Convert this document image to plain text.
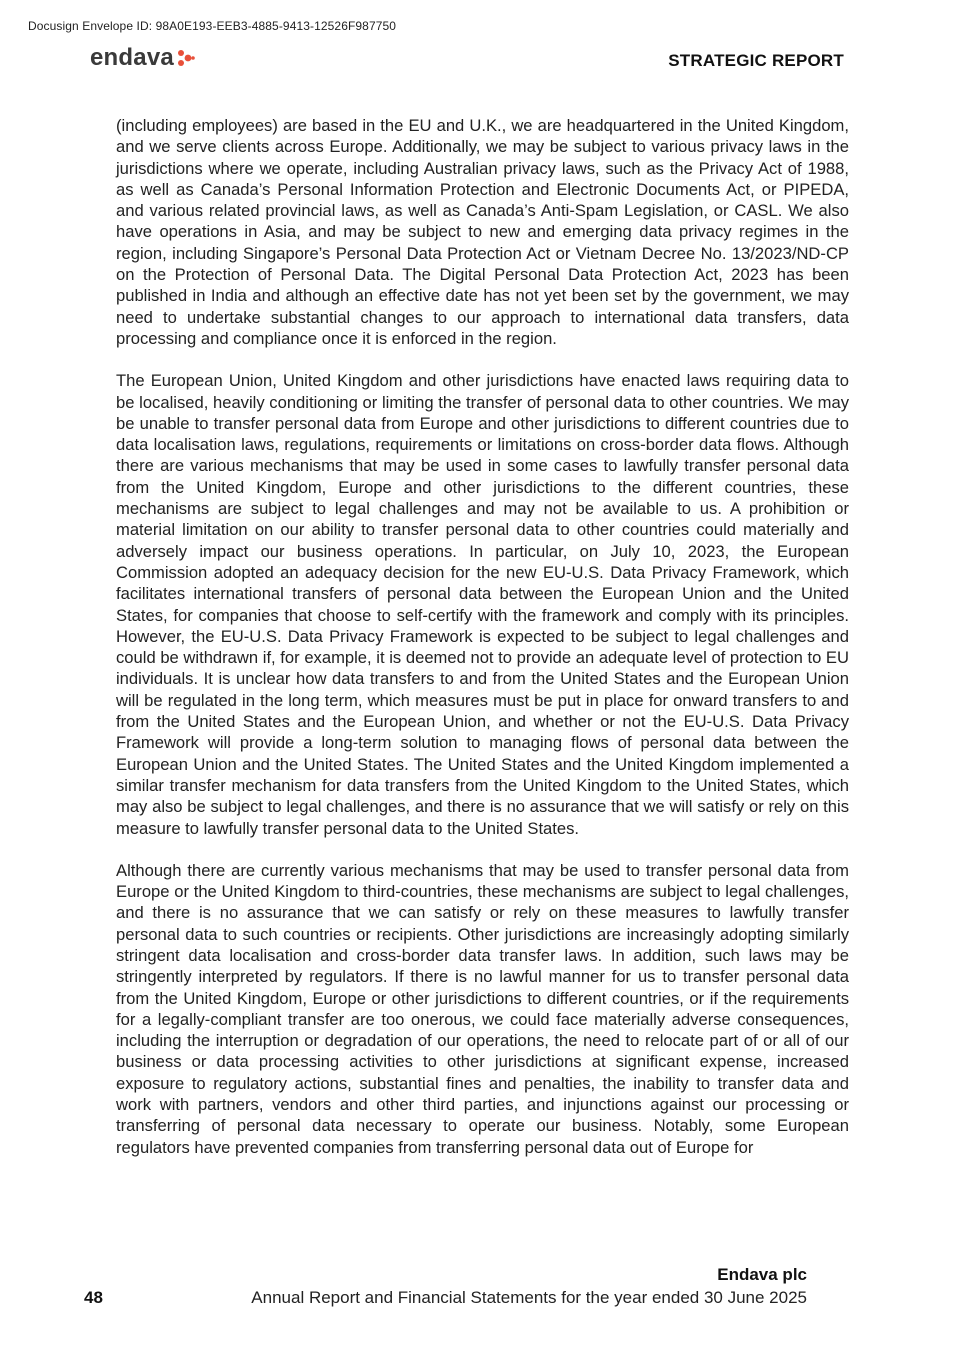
Docusign Envelope ID: 98A0E193-EEB3-4885-9413-12526F987750
endava	STRATEGIC REPORT

(including employees) are based in the EU and U.K., we are headquartered in the United Kingdom, and we serve clients across Europe. Additionally, we may be subject to various privacy laws in the jurisdictions where we operate, including Australian privacy laws, such as the Privacy Act of 1988, as well as Canada’s Personal Information Protection and Electronic Documents Act, or PIPEDA, and various related provincial laws, as well as Canada’s Anti-Spam Legislation, or CASL. We also have operations in Asia, and may be subject to new and emerging data privacy regimes in the region, including Singapore’s Personal Data Protection Act or Vietnam Decree No. 13/2023/ND-CP on the Protection of Personal Data. The Digital Personal Data Protection Act, 2023 has been published in India and although an effective date has not yet been set by the government, we may need to undertake substantial changes to our approach to international data transfers, data processing and compliance once it is enforced in the region.

The European Union, United Kingdom and other jurisdictions have enacted laws requiring data to be localised, heavily conditioning or limiting the transfer of personal data to other countries. We may be unable to transfer personal data from Europe and other jurisdictions to different countries due to data localisation laws, regulations, requirements or limitations on cross-border data flows. Although there are various mechanisms that may be used in some cases to lawfully transfer personal data from the United Kingdom, Europe and other jurisdictions to the different countries, these mechanisms are subject to legal challenges and may not be available to us. A prohibition or material limitation on our ability to transfer personal data to other countries could materially and adversely impact our business operations. In particular, on July 10, 2023, the European Commission adopted an adequacy decision for the new EU-U.S. Data Privacy Framework, which facilitates international transfers of personal data between the European Union and the United States, for companies that choose to self-certify with the framework and comply with its principles. However, the EU-U.S. Data Privacy Framework is expected to be subject to legal challenges and could be withdrawn if, for example, it is deemed not to provide an adequate level of protection to EU individuals. It is unclear how data transfers to and from the United States and the European Union will be regulated in the long term, which measures must be put in place for onward transfers to and from the United States and the European Union, and whether or not the EU-U.S. Data Privacy Framework will provide a long-term solution to managing flows of personal data between the European Union and the United States. The United States and the United Kingdom implemented a similar transfer mechanism for data transfers from the United Kingdom to the United States, which may also be subject to legal challenges, and there is no assurance that we will satisfy or rely on this measure to lawfully transfer personal data to the United States.

Although there are currently various mechanisms that may be used to transfer personal data from Europe or the United Kingdom to third-countries, these mechanisms are subject to legal challenges, and there is no assurance that we can satisfy or rely on these measures to lawfully transfer personal data to such countries or recipients. Other jurisdictions are increasingly adopting similarly stringent data localisation and cross-border data transfer laws. In addition, such laws may be stringently interpreted by regulators. If there is no lawful manner for us to transfer personal data from the United Kingdom, Europe or other jurisdictions to different countries, or if the requirements for a legally-compliant transfer are too onerous, we could face materially adverse consequences, including the interruption or degradation of our operations, the need to relocate part of or all of our business or data processing activities to other jurisdictions at significant expense, increased exposure to regulatory actions, substantial fines and penalties, the inability to transfer data and work with partners, vendors and other third parties, and injunctions against our processing or transferring of personal data necessary to operate our business. Notably, some European regulators have prevented companies from transferring personal data out of Europe for

Endava plc
48	Annual Report and Financial Statements for the year ended 30 June 2025
